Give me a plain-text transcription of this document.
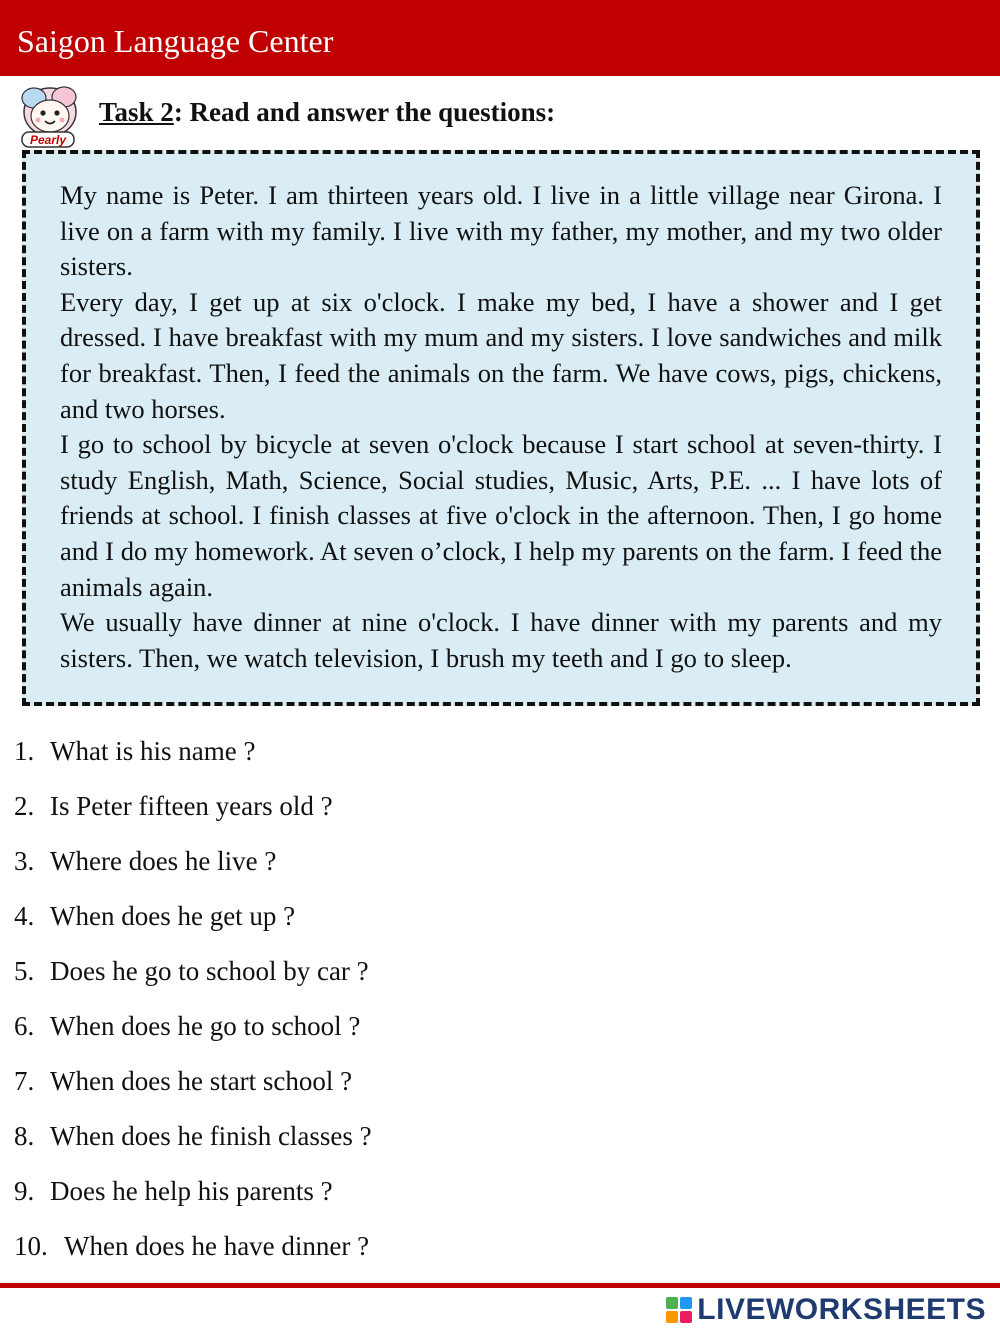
Saigon Language Center
Pearly
Task 2: Read and answer the questions:

My name is Peter. I am thirteen years old. I live in a little village near Girona. I live on a farm with my family. I live with my father, my mother, and my two older sisters.

Every day, I get up at six o'clock. I make my bed, I have a shower and I get dressed. I have breakfast with my mum and my sisters. I love sandwiches and milk for breakfast. Then, I feed the animals on the farm. We have cows, pigs, chickens, and two horses.

I go to school by bicycle at seven o'clock because I start school at seven-thirty. I study English, Math, Science, Social studies, Music, Arts, P.E. ... I have lots of friends at school. I finish classes at five o'clock in the afternoon. Then, I go home and I do my homework. At seven o’clock, I help my parents on the farm. I feed the animals again.

We usually have dinner at nine o'clock. I have dinner with my parents and my sisters. Then, we watch television, I brush my teeth and I go to sleep.

1. What is his name ?
2. Is Peter fifteen years old ?
3. Where does he live ?
4. When does he get up ?
5. Does he go to school by car ?
6. When does he go to school ?
7. When does he start school ?
8. When does he finish classes ?
9. Does he help his parents ?
10. When does he have dinner ?
LIVEWORKSHEETS
